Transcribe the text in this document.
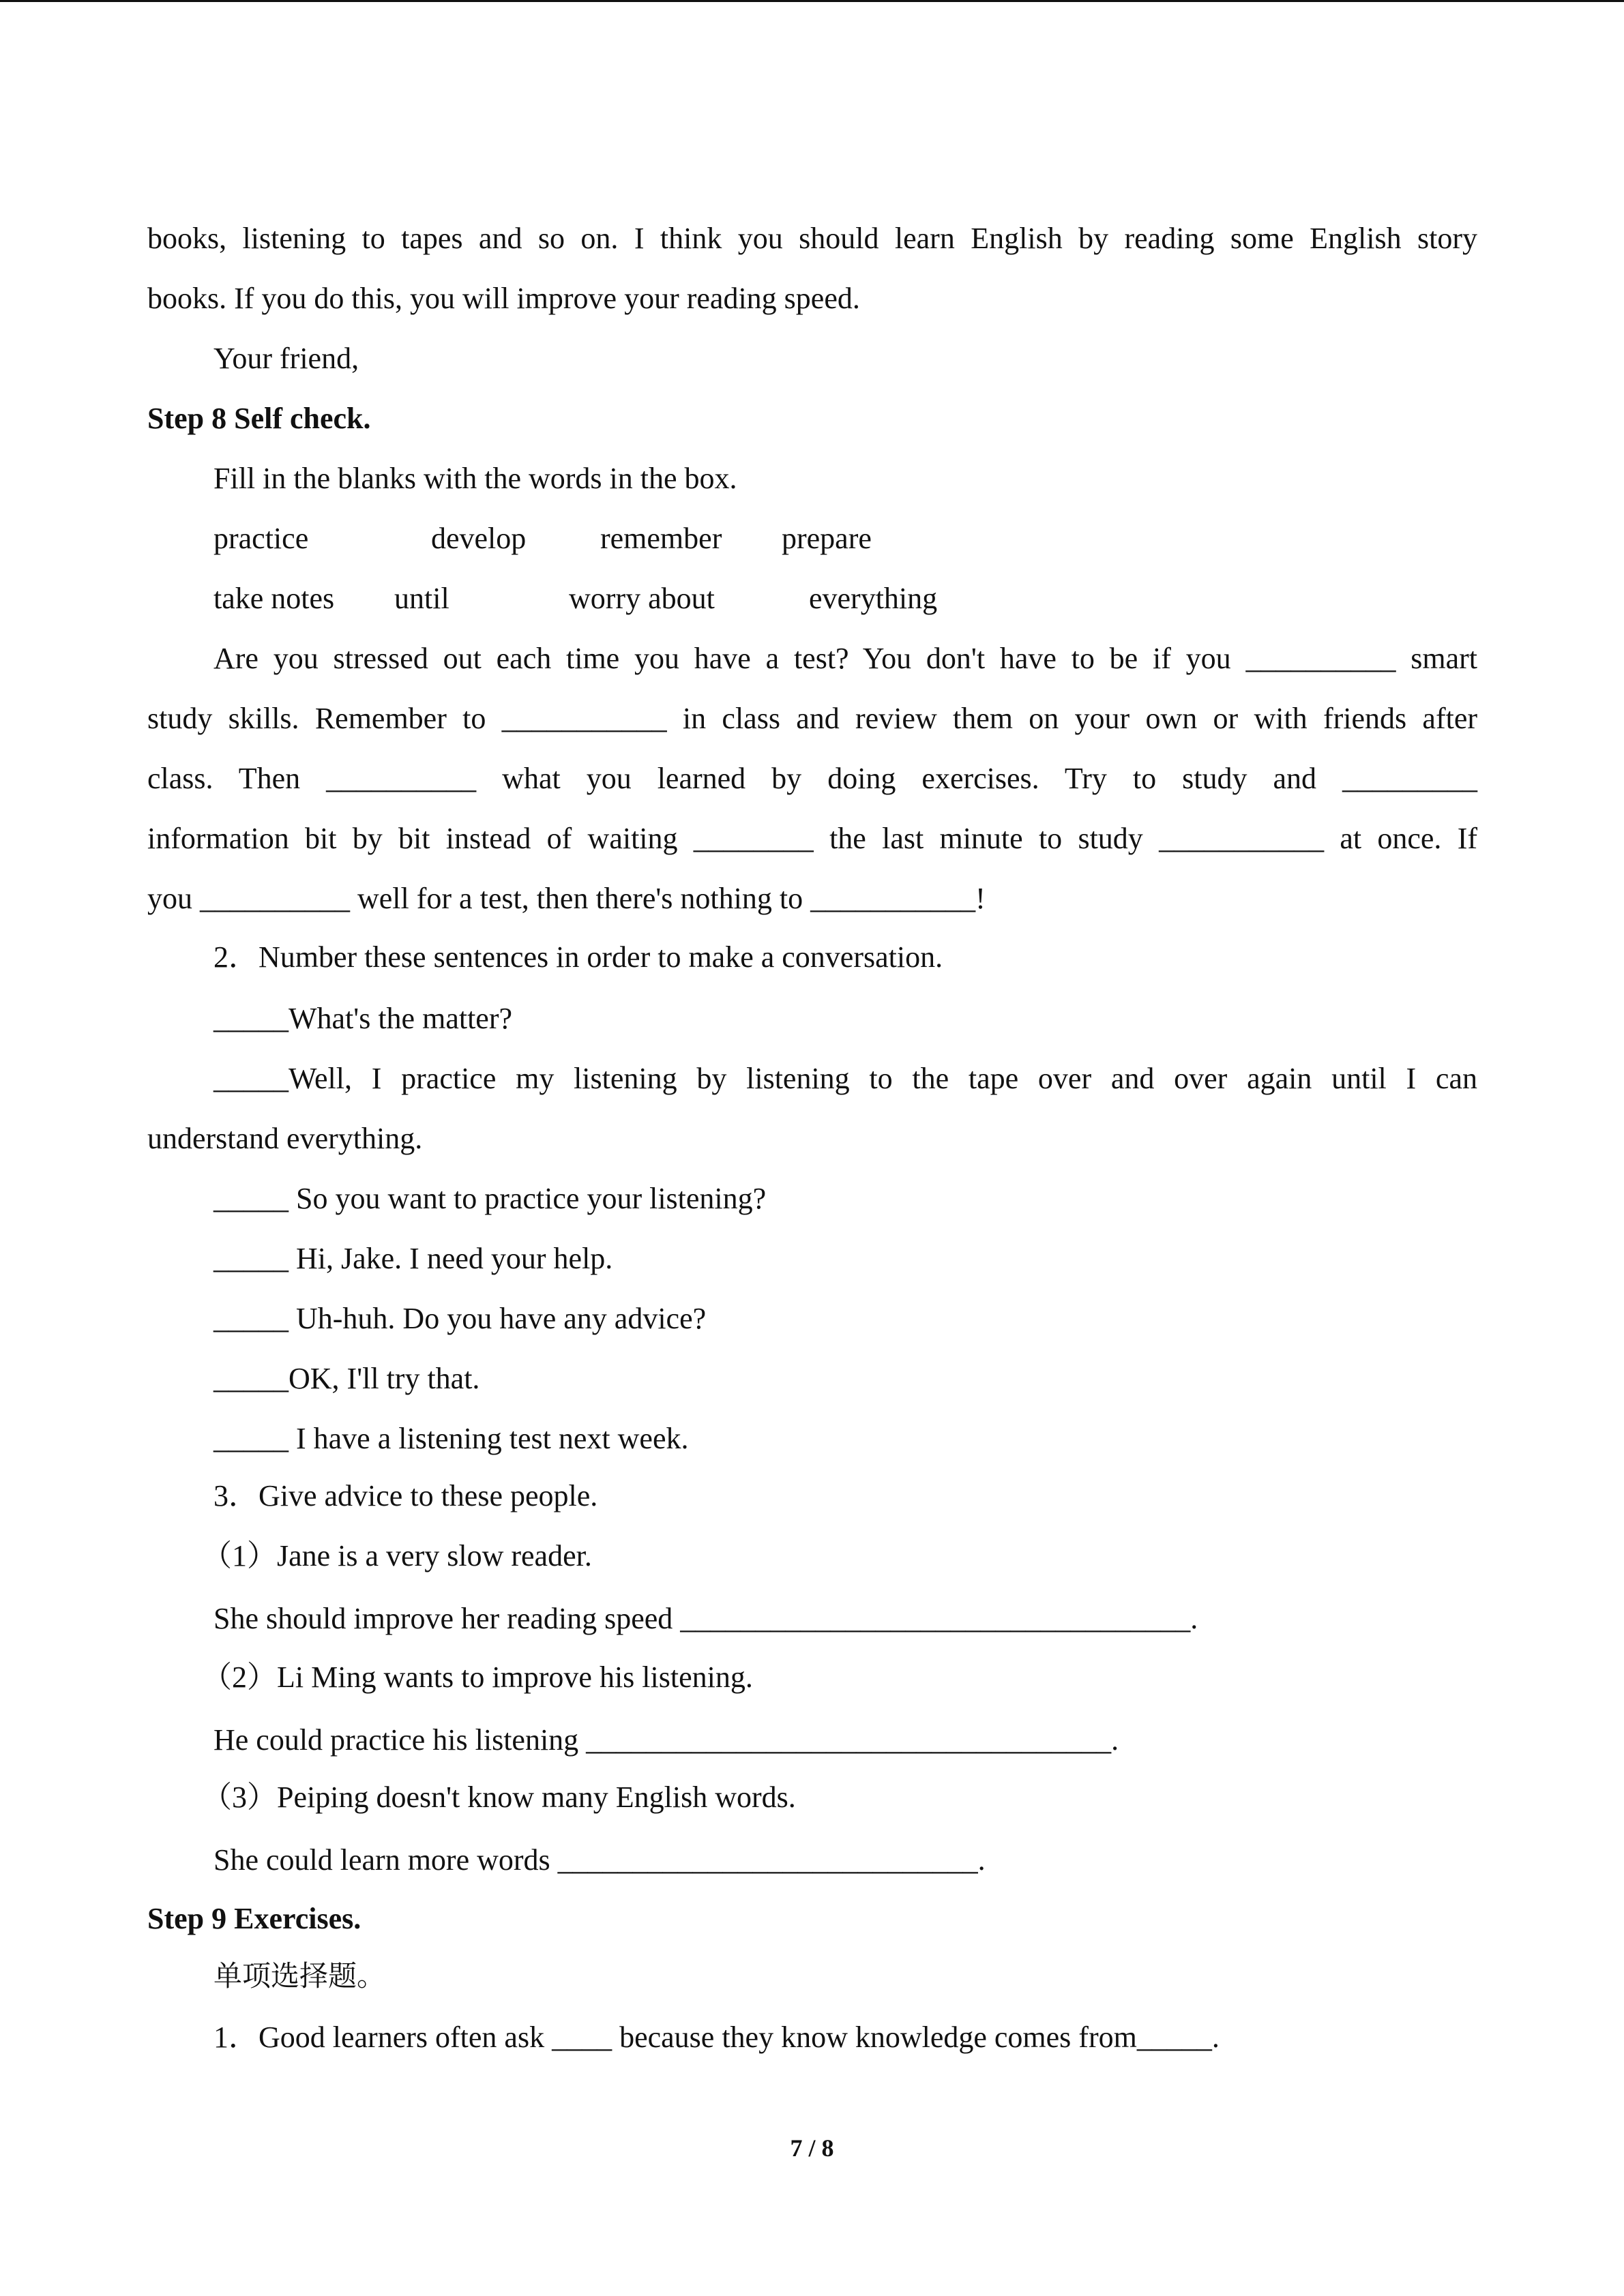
books, listening to tapes and so on. I think you should learn English by reading some English story
books. If you do this, you will improve your reading speed.
Your friend,
Step 8 Self check.
Fill in the blanks with the words in the box.
practice	develop remember prepare
take notes until	worry about	everything
Are you stressed out each time you have a test? You don't have to be if you __________ smart
study skills. Remember to ___________ in class and review them on your own or with friends after
class. Then __________ what you learned by doing exercises. Try to study and _________
information bit by bit instead of waiting ________ the last minute to study ___________ at once. If
you __________ well for a test, then there's nothing to ___________!
2．Number these sentences in order to make a conversation.
_____What's the matter?
_____Well, I practice my listening by listening to the tape over and over again until I can
understand everything.
_____ So you want to practice your listening?
_____ Hi, Jake. I need your help.
_____ Uh-huh. Do you have any advice?
_____OK, I'll try that.
_____ I have a listening test next week.
3．Give advice to these people.
（1）Jane is a very slow reader.
She should improve her reading speed __________________________________.
（2）Li Ming wants to improve his listening.
He could practice his listening ___________________________________.
（3）Peiping doesn't know many English words.
She could learn more words ____________________________.
Step 9 Exercises.
单项选择题。
1．Good learners often ask ____ because they know knowledge comes from_____.
7 / 8
